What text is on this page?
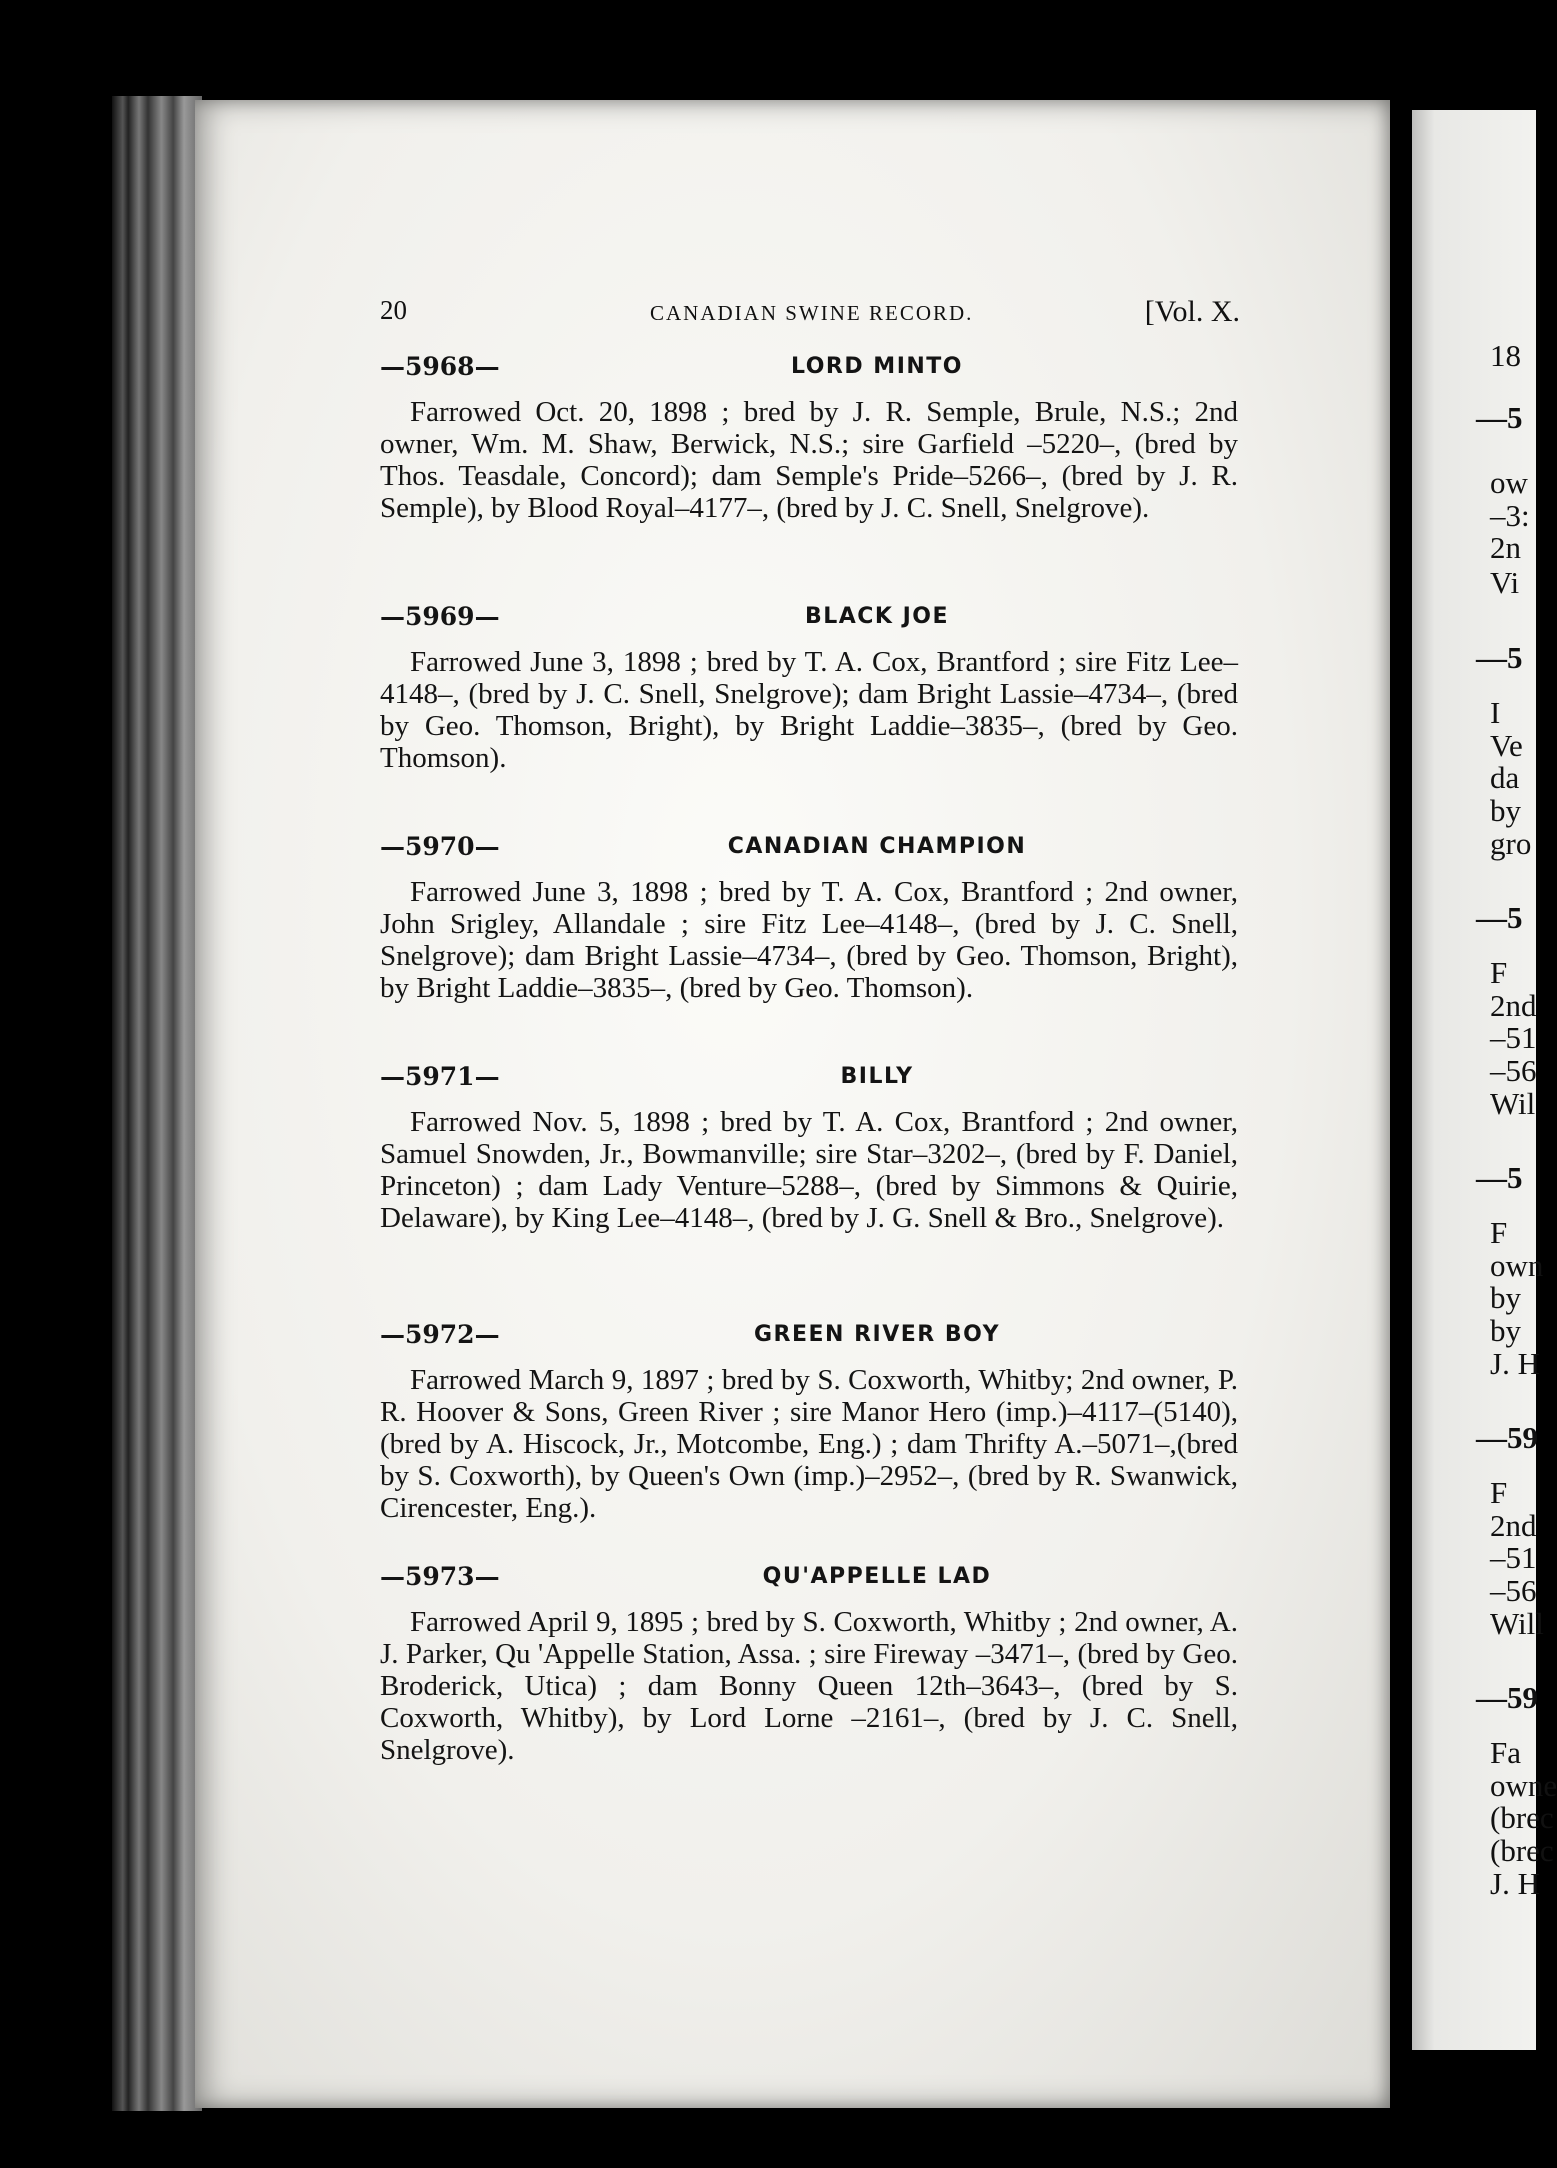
18
—5
ow
–3:
2n
Vi
—5
I
Ve
da
by
gro
—5
F
2nd
–51
–56
Wil
—5
F
own
by
by
J. H
—59
F
2nd
–51
–56
Will
—59
Fa
owne
(brec
(brec
J. H
20	CANADIAN SWINE RECORD.	[Vol. X.
—5968—	LORD MINTO

Farrowed Oct. 20, 1898 ; bred by J. R. Semple, Brule, N.S.; 2nd owner, Wm. M. Shaw, Berwick, N.S.; sire Garfield –5220–, (bred by Thos. Teasdale, Concord); dam Semple's Pride–5266–, (bred by J. R. Semple), by Blood Royal–4177–, (bred by J. C. Snell, Snelgrove).

—5969—	BLACK JOE

Farrowed June 3, 1898 ; bred by T. A. Cox, Brantford ; sire Fitz Lee–4148–, (bred by J. C. Snell, Snelgrove); dam Bright Lassie–4734–, (bred by Geo. Thomson, Bright), by Bright Laddie–3835–, (bred by Geo. Thomson).

—5970—	CANADIAN CHAMPION

Farrowed June 3, 1898 ; bred by T. A. Cox, Brantford ; 2nd owner, John Srigley, Allandale ; sire Fitz Lee–4148–, (bred by J. C. Snell, Snelgrove); dam Bright Lassie–4734–, (bred by Geo. Thomson, Bright), by Bright Laddie–3835–, (bred by Geo. Thomson).

—5971—	BILLY

Farrowed Nov. 5, 1898 ; bred by T. A. Cox, Brantford ; 2nd owner, Samuel Snowden, Jr., Bowmanville; sire Star–3202–, (bred by F. Daniel, Princeton) ; dam Lady Venture–5288–, (bred by Simmons & Quirie, Delaware), by King Lee–4148–, (bred by J. G. Snell & Bro., Snelgrove).

—5972—	GREEN RIVER BOY

Farrowed March 9, 1897 ; bred by S. Coxworth, Whitby; 2nd owner, P. R. Hoover & Sons, Green River ; sire Manor Hero (imp.)–4117–(5140), (bred by A. Hiscock, Jr., Motcombe, Eng.) ; dam Thrifty A.–5071–,(bred by S. Coxworth), by Queen's Own (imp.)–2952–, (bred by R. Swanwick, Cirencester, Eng.).

—5973—	QU'APPELLE LAD

Farrowed April 9, 1895 ; bred by S. Coxworth, Whitby ; 2nd owner, A. J. Parker, Qu 'Appelle Station, Assa. ; sire Fireway –3471–, (bred by Geo. Broderick, Utica) ; dam Bonny Queen 12th–3643–, (bred by S. Coxworth, Whitby), by Lord Lorne –2161–, (bred by J. C. Snell, Snelgrove).
